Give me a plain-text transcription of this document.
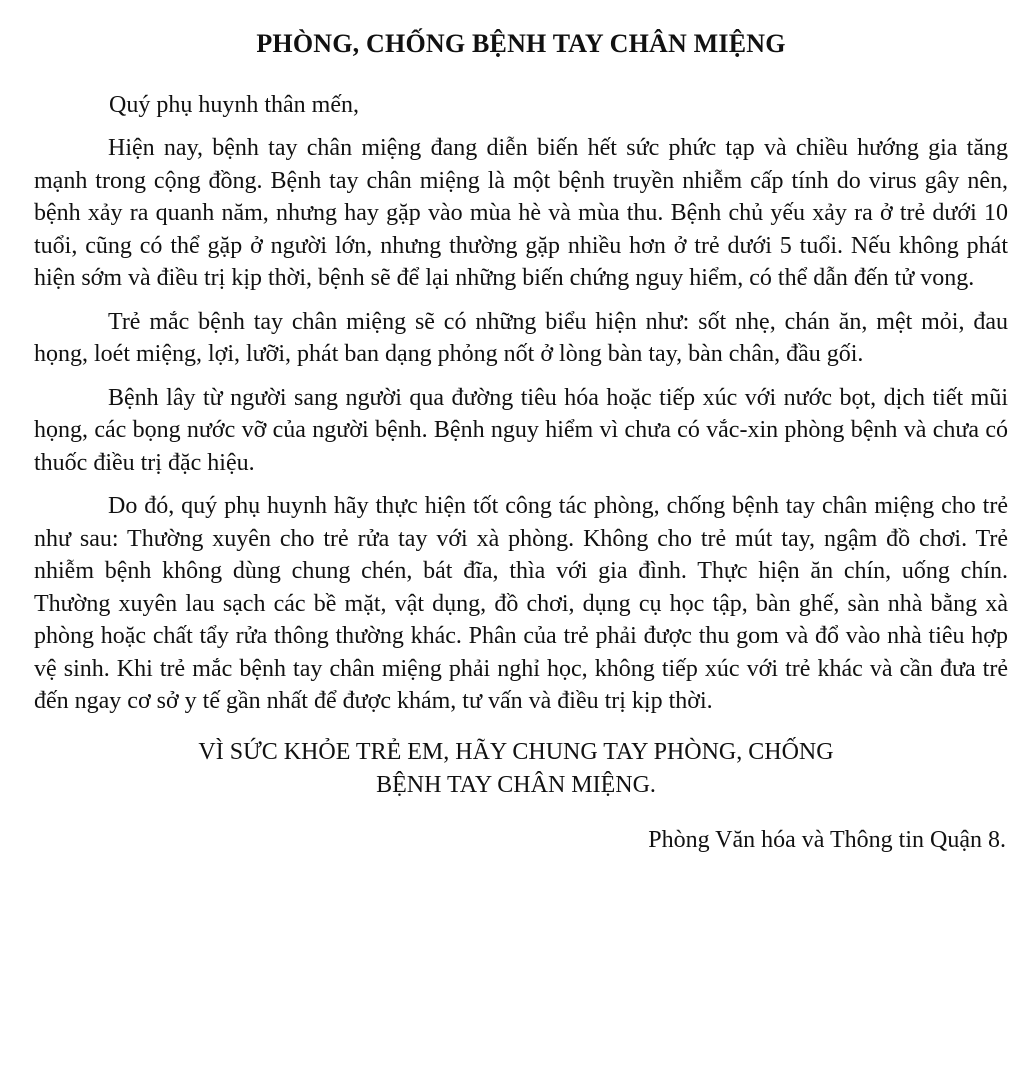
PHÒNG, CHỐNG BỆNH TAY CHÂN MIỆNG
Quý phụ huynh thân mến,

Hiện nay, bệnh tay chân miệng đang diễn biến hết sức phức tạp và chiều hướng gia tăng mạnh trong cộng đồng. Bệnh tay chân miệng là một bệnh truyền nhiễm cấp tính do virus gây nên, bệnh xảy ra quanh năm, nhưng hay gặp vào mùa hè và mùa thu. Bệnh chủ yếu xảy ra ở trẻ dưới 10 tuổi, cũng có thể gặp ở người lớn, nhưng thường gặp nhiều hơn ở trẻ dưới 5 tuổi. Nếu không phát hiện sớm và điều trị kịp thời, bệnh sẽ để lại những biến chứng nguy hiểm, có thể dẫn đến tử vong.

Trẻ mắc bệnh tay chân miệng sẽ có những biểu hiện như: sốt nhẹ, chán ăn, mệt mỏi, đau họng, loét miệng, lợi, lưỡi, phát ban dạng phỏng nốt ở lòng bàn tay, bàn chân, đầu gối.

Bệnh lây từ người sang người qua đường tiêu hóa hoặc tiếp xúc với nước bọt, dịch tiết mũi họng, các bọng nước vỡ của người bệnh. Bệnh nguy hiểm vì chưa có vắc-xin phòng bệnh và chưa có thuốc điều trị đặc hiệu.

Do đó, quý phụ huynh hãy thực hiện tốt công tác phòng, chống bệnh tay chân miệng cho trẻ như sau: Thường xuyên cho trẻ rửa tay với xà phòng. Không cho trẻ mút tay, ngậm đồ chơi. Trẻ nhiễm bệnh không dùng chung chén, bát đĩa, thìa với gia đình. Thực hiện ăn chín, uống chín. Thường xuyên lau sạch các bề mặt, vật dụng, đồ chơi, dụng cụ học tập, bàn ghế, sàn nhà bằng xà phòng hoặc chất tẩy rửa thông thường khác. Phân của trẻ phải được thu gom và đổ vào nhà tiêu hợp vệ sinh. Khi trẻ mắc bệnh tay chân miệng phải nghỉ học, không tiếp xúc với trẻ khác và cần đưa trẻ đến ngay cơ sở y tế gần nhất để được khám, tư vấn và điều trị kịp thời.

VÌ SỨC KHỎE TRẺ EM, HÃY CHUNG TAY PHÒNG, CHỐNG
BỆNH TAY CHÂN MIỆNG.
Phòng Văn hóa và Thông tin Quận 8.
